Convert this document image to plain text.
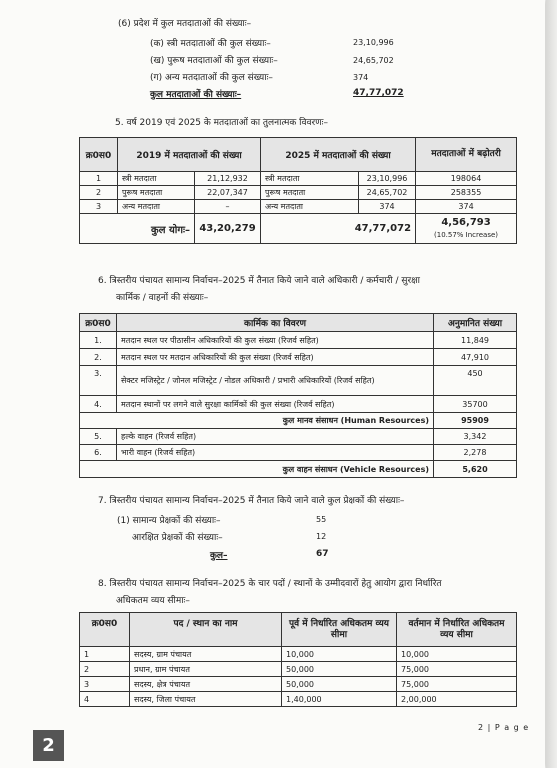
(6) प्रदेश में कुल मतदाताओं की संख्याः–
(क) स्त्री मतदाताओं की कुल संख्याः–	23,10,996
(ख) पुरूष मतदाताओं की कुल संख्याः–	24,65,702
(ग) अन्य मतदाताओं की कुल संख्याः–	374
कुल मतदाताओं की संख्याः–	47,77,072
5. वर्ष 2019 एवं 2025 के मतदाताओं का तुलनात्मक विवरणः–
क्र0स0	2019 में मतदाताओं की संख्या		2025 में मतदाताओं की संख्या		मतदाताओं में बढ़ोतरी
1	स्त्री मतदाता	21,12,932	स्त्री मतदाता	23,10,996	198064
2	पुरूष मतदाता	22,07,347	पुरूष मतदाता	24,65,702	258355
3	अन्य मतदाता	–	अन्य मतदाता	374	374
कुल योगः–		43,20,279	47,77,072		4,56,793
(10.57% Increase)
6. त्रिस्तरीय पंचायत सामान्य निर्वाचन–2025 में तैनात किये जाने वाले अधिकारी / कर्मचारी / सुरक्षा
कार्मिक / वाहनों की संख्याः–
क्र0स0	कार्मिक का विवरण	अनुमानित संख्या
1.	मतदान स्थल पर पीठासीन अधिकारियों की कुल संख्या (रिजर्व सहित)	11,849
2.	मतदान स्थल पर मतदान अधिकारियों की कुल संख्या (रिजर्व सहित)	47,910
3.	सेक्टर मजिस्ट्रेट / जोनल मजिस्ट्रेट / नोडल अधिकारी / प्रभारी अधिकारियों (रिजर्व सहित)	450
4.	मतदान स्थानों पर लगने वाले सुरक्षा कार्मिकों की कुल संख्या (रिजर्व सहित)	35700
कुल मानव संसाधन (Human Resources)		95909
5.	हल्के वाहन (रिजर्व सहित)	3,342
6.	भारी वाहन (रिजर्व सहित)	2,278
कुल वाहन संसाधन (Vehicle Resources)		5,620
7. त्रिस्तरीय पंचायत सामान्य निर्वाचन–2025 में तैनात किये जाने वाले कुल प्रेक्षकों की संख्याः–
(1) सामान्य प्रेक्षकों की संख्याः–	55
आरक्षित प्रेक्षकों की संख्याः–	12
कुल–	67
8. त्रिस्तरीय पंचायत सामान्य निर्वाचन–2025 के चार पदों / स्थानों के उम्मीदवारों हेतु आयोग द्वारा निर्धारित
अधिकतम व्यय सीमाः–
क्र0स0	पद / स्थान का नाम	पूर्व में निर्धारित अधिकतम व्यय सीमा	वर्तमान में निर्धारित अधिकतम व्यय सीमा
1	सदस्य, ग्राम पंचायत	10,000	10,000
2	प्रधान, ग्राम पंचायत	50,000	75,000
3	सदस्य, क्षेत्र पंचायत	50,000	75,000
4	सदस्य, जिला पंचायत	1,40,000	2,00,000
2 | P a g e
2
